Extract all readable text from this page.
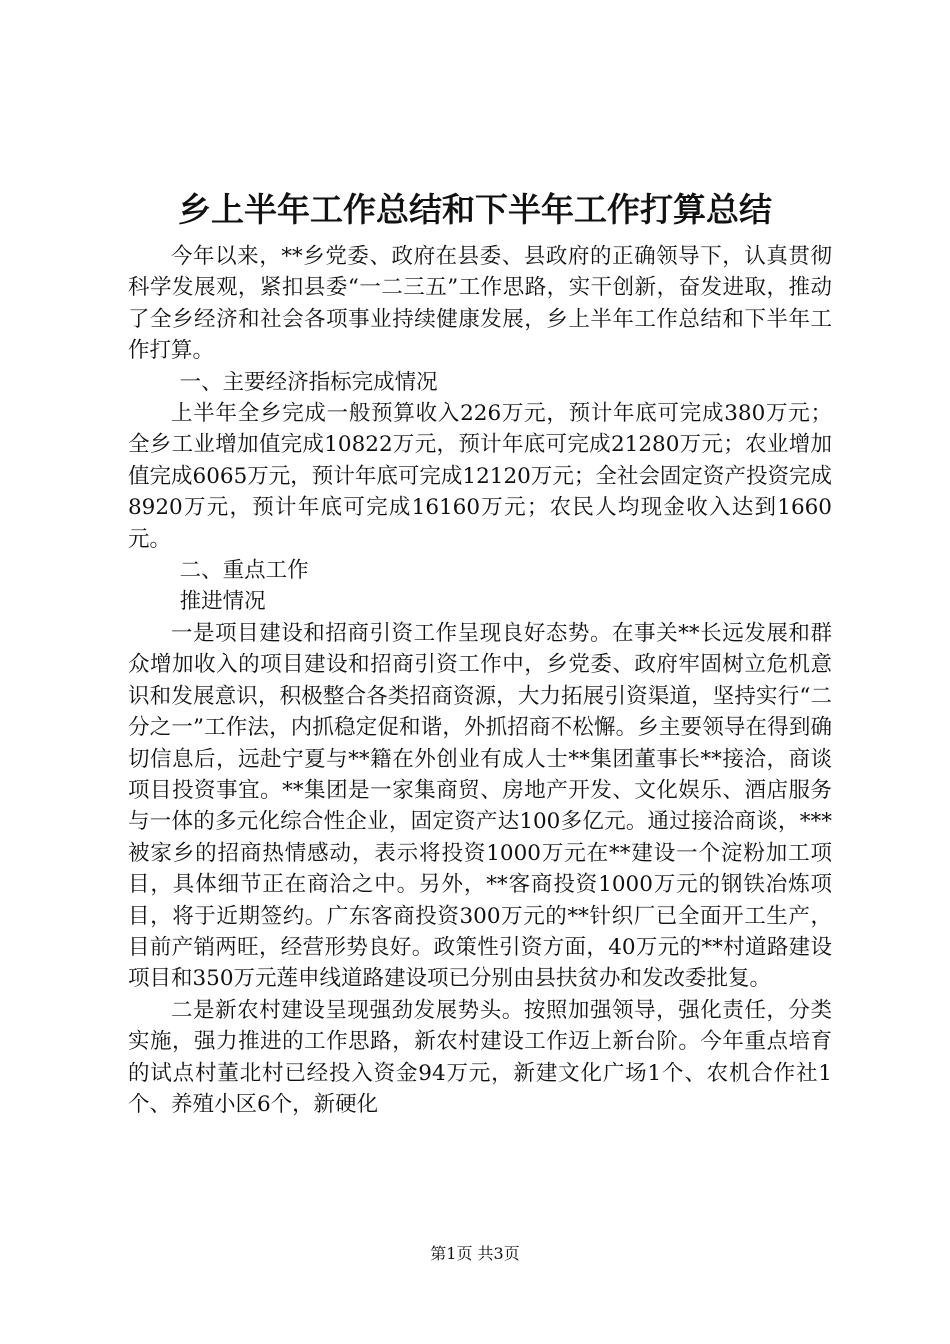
乡上半年工作总结和下半年工作打算总结

今年以来，**乡党委、政府在县委、县政府的正确领导下，认真贯彻科学发展观，紧扣县委“一二三五”工作思路，实干创新，奋发进取，推动了全乡经济和社会各项事业持续健康发展，乡上半年工作总结和下半年工作打算。

一、主要经济指标完成情况

上半年全乡完成一般预算收入226万元，预计年底可完成380万元；全乡工业增加值完成10822万元，预计年底可完成21280万元；农业增加值完成6065万元，预计年底可完成12120万元；全社会固定资产投资完成8920万元，预计年底可完成16160万元；农民人均现金收入达到1660元。

二、重点工作

推进情况

一是项目建设和招商引资工作呈现良好态势。在事关**长远发展和群众增加收入的项目建设和招商引资工作中，乡党委、政府牢固树立危机意识和发展意识，积极整合各类招商资源，大力拓展引资渠道，坚持实行“二分之一”工作法，内抓稳定促和谐，外抓招商不松懈。乡主要领导在得到确切信息后，远赴宁夏与**籍在外创业有成人士**集团董事长**接洽，商谈项目投资事宜。**集团是一家集商贸、房地产开发、文化娱乐、酒店服务与一体的多元化综合性企业，固定资产达100多亿元。通过接洽商谈，***被家乡的招商热情感动，表示将投资1000万元在**建设一个淀粉加工项目，具体细节正在商洽之中。另外，**客商投资1000万元的钢铁冶炼项目，将于近期签约。广东客商投资300万元的**针织厂已全面开工生产，目前产销两旺，经营形势良好。政策性引资方面，40万元的**村道路建设项目和350万元莲申线道路建设项已分别由县扶贫办和发改委批复。

二是新农村建设呈现强劲发展势头。按照加强领导，强化责任，分类实施，强力推进的工作思路，新农村建设工作迈上新台阶。今年重点培育的试点村董北村已经投入资金94万元，新建文化广场1个、农机合作社1个、养殖小区6个，新硬化

第1页 共3页
